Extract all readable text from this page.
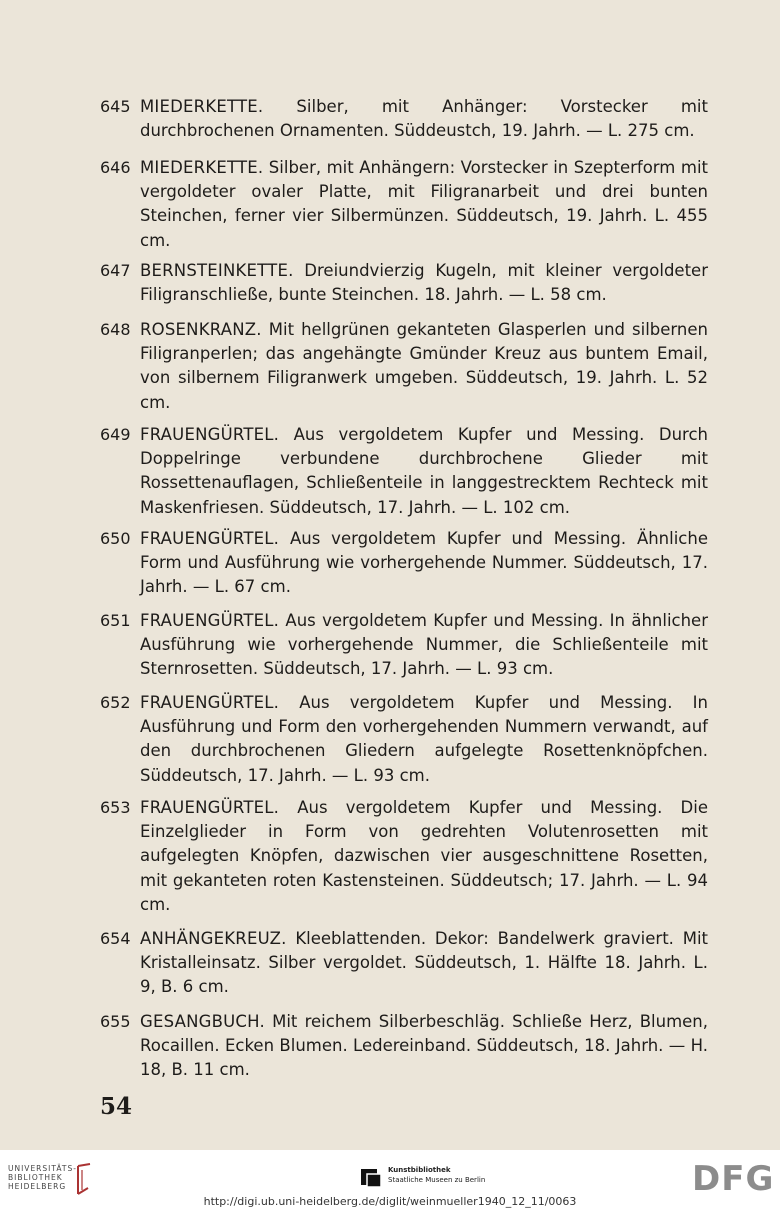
645 MIEDERKETTE. Silber, mit Anhänger: Vorstecker mit durchbrochenen Ornamenten. Süddeustch, 19. Jahrh. — L. 275 cm.
646 MIEDERKETTE. Silber, mit Anhängern: Vorstecker in Szepterform mit vergoldeter ovaler Platte, mit Filigranarbeit und drei bunten Steinchen, ferner vier Silbermünzen. Süddeutsch, 19. Jahrh. L. 455 cm.
647 BERNSTEINKETTE. Dreiundvierzig Kugeln, mit kleiner vergoldeter Filigranschließe, bunte Steinchen. 18. Jahrh. — L. 58 cm.
648 ROSENKRANZ. Mit hellgrünen gekanteten Glasperlen und silbernen Filigranperlen; das angehängte Gmünder Kreuz aus buntem Email, von silbernem Filigranwerk umgeben. Süddeutsch, 19. Jahrh. L. 52 cm.
649 FRAUENGÜRTEL. Aus vergoldetem Kupfer und Messing. Durch Doppelringe verbundene durchbrochene Glieder mit Rossettenauflagen, Schließenteile in langgestrecktem Rechteck mit Maskenfriesen. Süddeutsch, 17. Jahrh. — L. 102 cm.
650 FRAUENGÜRTEL. Aus vergoldetem Kupfer und Messing. Ähnliche Form und Ausführung wie vorhergehende Nummer. Süddeutsch, 17. Jahrh. — L. 67 cm.
651 FRAUENGÜRTEL. Aus vergoldetem Kupfer und Messing. In ähnlicher Ausführung wie vorhergehende Nummer, die Schließenteile mit Sternrosetten. Süddeutsch, 17. Jahrh. — L. 93 cm.
652 FRAUENGÜRTEL. Aus vergoldetem Kupfer und Messing. In Ausführung und Form den vorhergehenden Nummern verwandt, auf den durchbrochenen Gliedern aufgelegte Rosettenknöpfchen. Süddeutsch, 17. Jahrh. — L. 93 cm.
653 FRAUENGÜRTEL. Aus vergoldetem Kupfer und Messing. Die Einzelglieder in Form von gedrehten Volutenrosetten mit aufgelegten Knöpfen, dazwischen vier ausgeschnittene Rosetten, mit gekanteten roten Kastensteinen. Süddeutsch; 17. Jahrh. — L. 94 cm.
654 ANHÄNGEKREUZ. Kleeblattenden. Dekor: Bandelwerk graviert. Mit Kristalleinsatz. Silber vergoldet. Süddeutsch, 1. Hälfte 18. Jahrh. L. 9, B. 6 cm.
655 GESANGBUCH. Mit reichem Silberbeschläg. Schließe Herz, Blumen, Rocaillen. Ecken Blumen. Ledereinband. Süddeutsch, 18. Jahrh. — H. 18, B. 11 cm.
54
UNIVERSITÄTS-
BIBLIOTHEK
HEIDELBERG
Kunstbibliothek
Staatliche Museen zu Berlin	DFG
http://digi.ub.uni-heidelberg.de/diglit/weinmueller1940_12_11/0063
